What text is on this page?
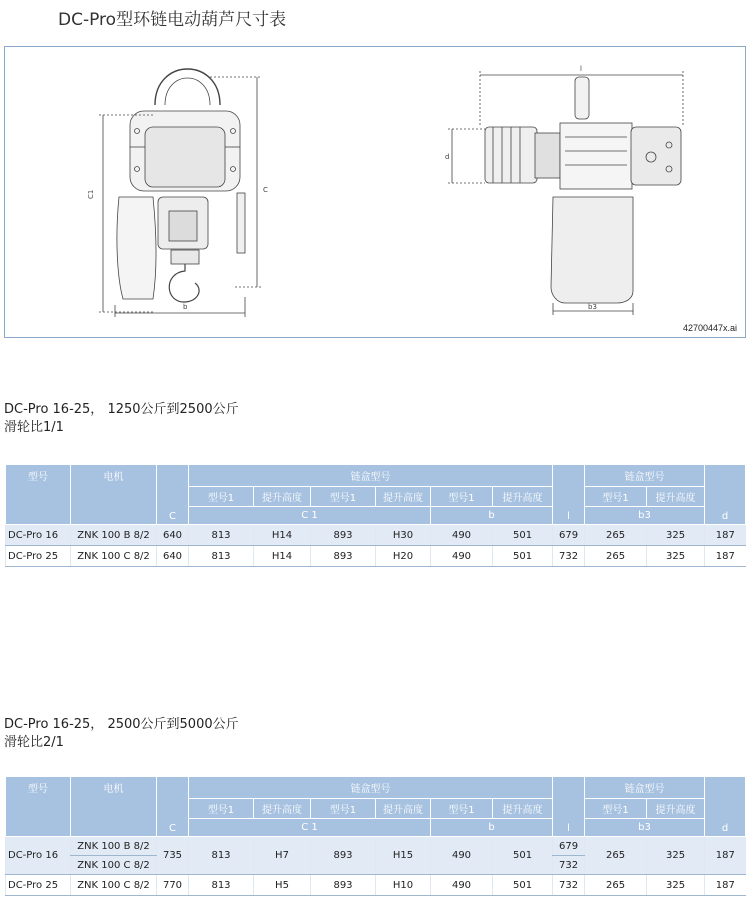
DC-Pro型环链电动葫芦尺寸表
C1	C
b
l
d
b3
42700447x.ai
DC-Pro 16-25， 1250公斤到2500公斤
滑轮比1/1
型号	电机	C	链盒型号						l	链盒型号		d
			型号1	提升高度	型号1	提升高度	型号1	提升高度		型号1	提升高度	
			C 1				b			b3		
DC-Pro 16	ZNK 100 B 8/2	640	813	H14	893	H30	490	501	679	265	325	187
DC-Pro 25	ZNK 100 C 8/2	640	813	H14	893	H20	490	501	732	265	325	187
DC-Pro 16-25， 2500公斤到5000公斤
滑轮比2/1
型号	电机	C	链盒型号						l	链盒型号		d
			型号1	提升高度	型号1	提升高度	型号1	提升高度		型号1	提升高度	
			C 1				b			b3		
DC-Pro 16	ZNK 100 B 8/2	735	813	H7	893	H15	490	501	679	265	325	187
	ZNK 100 C 8/2								732			
DC-Pro 25	ZNK 100 C 8/2	770	813	H5	893	H10	490	501	732	265	325	187
